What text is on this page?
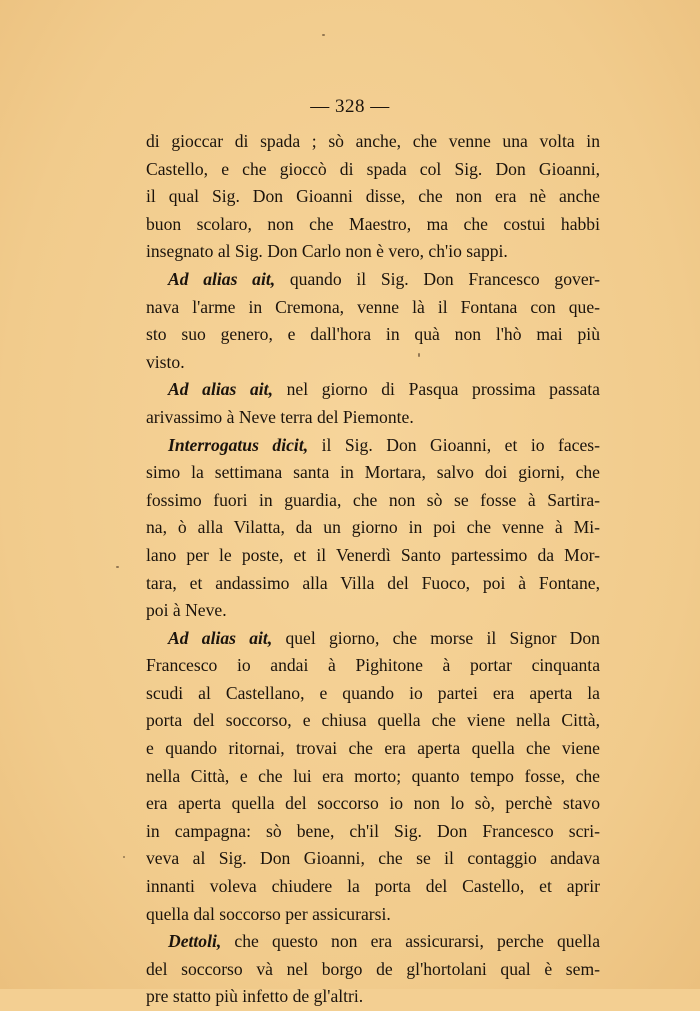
— 328 —

di gioccar di spada ; sò anche, che venne una volta in
Castello, e che gioccò di spada col Sig. Don Gioanni,
il qual Sig. Don Gioanni disse, che non era nè anche
buon scolaro, non che Maestro, ma che costui habbi
insegnato al Sig. Don Carlo non è vero, ch'io sappi.

Ad alias ait, quando il Sig. Don Francesco gover-
nava l'arme in Cremona, venne là il Fontana con que-
sto suo genero, e dall'hora in quà non l'hò mai più
visto.

Ad alias ait, nel giorno di Pasqua prossima passata
arivassimo à Neve terra del Piemonte.

Interrogatus dicit, il Sig. Don Gioanni, et io faces-
simo la settimana santa in Mortara, salvo doi giorni, che
fossimo fuori in guardia, che non sò se fosse à Sartira-
na, ò alla Vilatta, da un giorno in poi che venne à Mi-
lano per le poste, et il Venerdì Santo partessimo da Mor-
tara, et andassimo alla Villa del Fuoco, poi à Fontane,
poi à Neve.

Ad alias ait, quel giorno, che morse il Signor Don
Francesco io andai à Pighitone à portar cinquanta
scudi al Castellano, e quando io partei era aperta la
porta del soccorso, e chiusa quella che viene nella Città,
e quando ritornai, trovai che era aperta quella che viene
nella Città, e che lui era morto; quanto tempo fosse, che
era aperta quella del soccorso io non lo sò, perchè stavo
in campagna: sò bene, ch'il Sig. Don Francesco scri-
veva al Sig. Don Gioanni, che se il contaggio andava
innanti voleva chiudere la porta del Castello, et aprir
quella dal soccorso per assicurarsi.

Dettoli, che questo non era assicurarsi, perche quella
del soccorso và nel borgo de gl'hortolani qual è sem-
pre statto più infetto de gl'altri.
